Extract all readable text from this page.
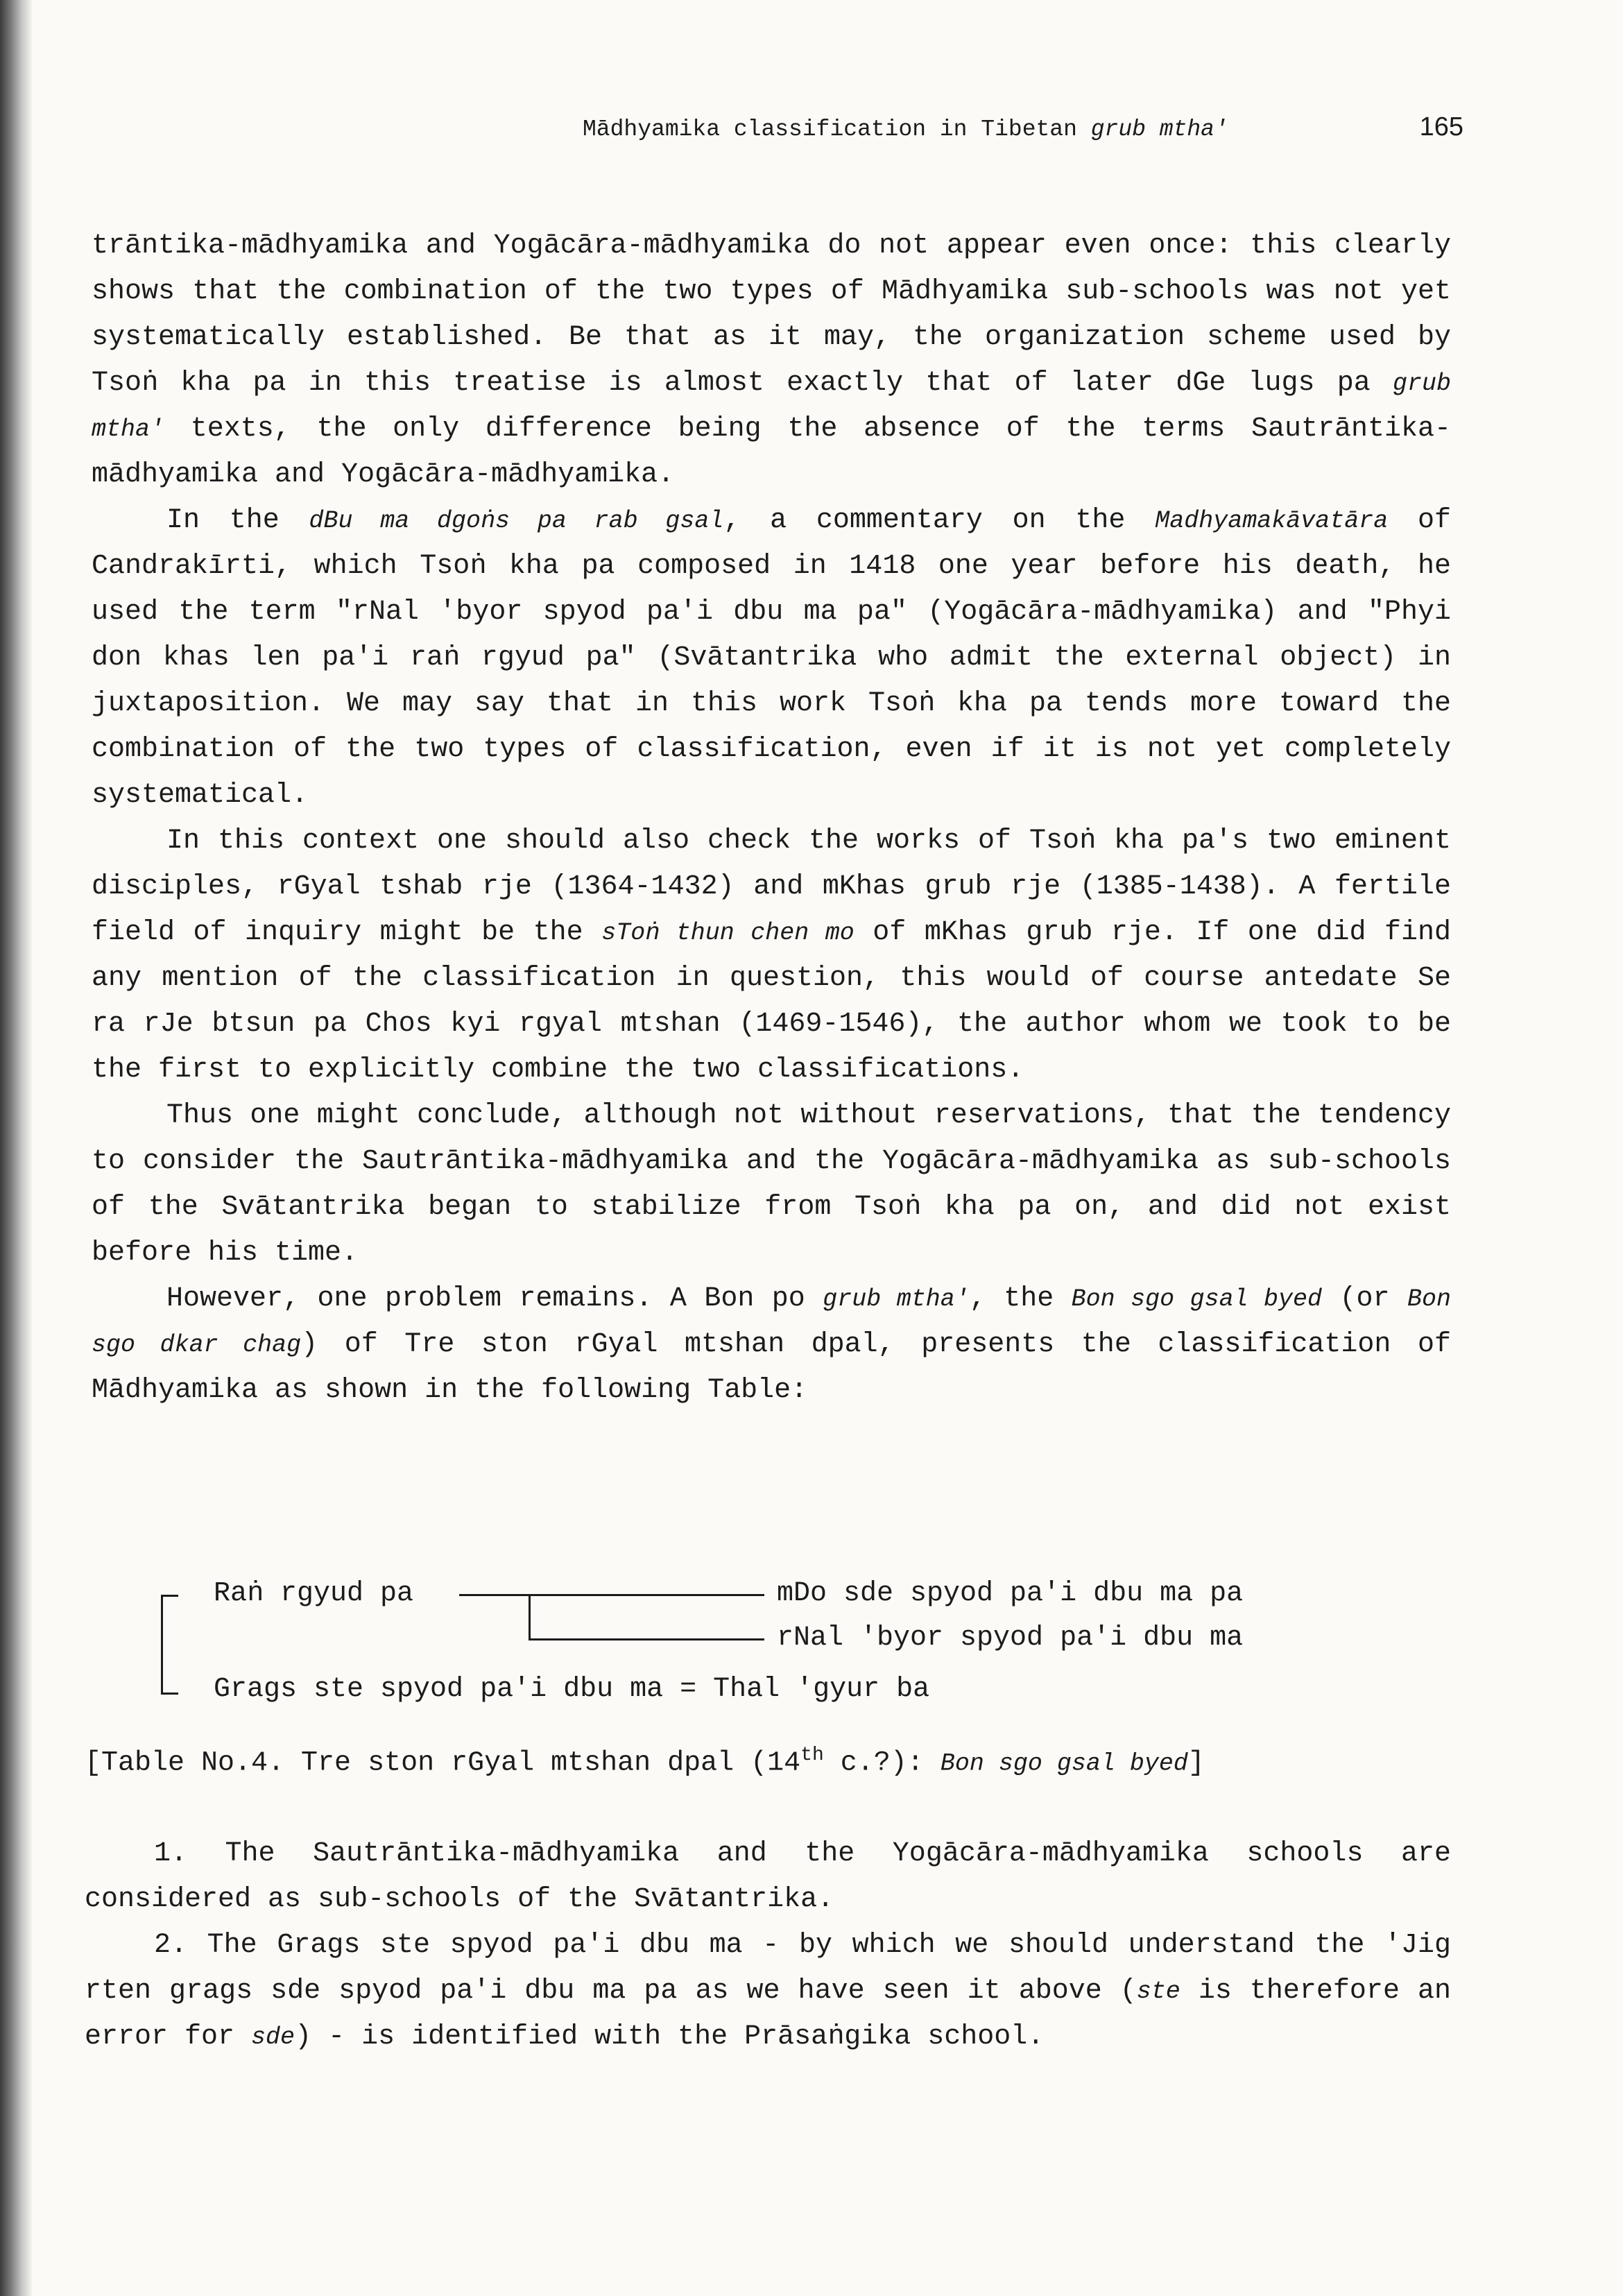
Mādhyamika classification in Tibetan grub mtha'	165

trāntika-mādhyamika and Yogācāra-mādhyamika do not appear even once: this clearly shows that the combination of the two types of Mādhyamika sub-schools was not yet systematically established. Be that as it may, the organization scheme used by Tsoṅ kha pa in this treatise is almost exactly that of later dGe lugs pa grub mtha' texts, the only difference being the absence of the terms Sautrāntika-mādhyamika and Yogācāra-mādhyamika.

In the dBu ma dgoṅs pa rab gsal, a commentary on the Madhyamakāvatāra of Candrakīrti, which Tsoṅ kha pa composed in 1418 one year before his death, he used the term "rNal 'byor spyod pa'i dbu ma pa" (Yogācāra-mādhyamika) and "Phyi don khas len pa'i raṅ rgyud pa" (Svātantrika who admit the external object) in juxtaposition. We may say that in this work Tsoṅ kha pa tends more toward the combination of the two types of classification, even if it is not yet completely systematical.

In this context one should also check the works of Tsoṅ kha pa's two eminent disciples, rGyal tshab rje (1364-1432) and mKhas grub rje (1385-1438). A fertile field of inquiry might be the sToṅ thun chen mo of mKhas grub rje. If one did find any mention of the classification in question, this would of course antedate Se ra rJe btsun pa Chos kyi rgyal mtshan (1469-1546), the author whom we took to be the first to explicitly combine the two classifications.

Thus one might conclude, although not without reservations, that the tendency to consider the Sautrāntika-mādhyamika and the Yogācāra-mādhyamika as sub-schools of the Svātantrika began to stabilize from Tsoṅ kha pa on, and did not exist before his time.

However, one problem remains. A Bon po grub mtha', the Bon sgo gsal byed (or Bon sgo dkar chag) of Tre ston rGyal mtshan dpal, presents the classification of Mādhyamika as shown in the following Table:

Raṅ rgyud pa	mDo sde spyod pa'i dbu ma pa
rNal 'byor spyod pa'i dbu ma
Grags ste spyod pa'i dbu ma = Thal 'gyur ba
[Table No.4. Tre ston rGyal mtshan dpal (14th c.?): Bon sgo gsal byed]

1. The Sautrāntika-mādhyamika and the Yogācāra-mādhyamika schools are considered as sub-schools of the Svātantrika.

2. The Grags ste spyod pa'i dbu ma - by which we should understand the 'Jig rten grags sde spyod pa'i dbu ma pa as we have seen it above (ste is therefore an error for sde) - is identified with the Prāsaṅgika school.
